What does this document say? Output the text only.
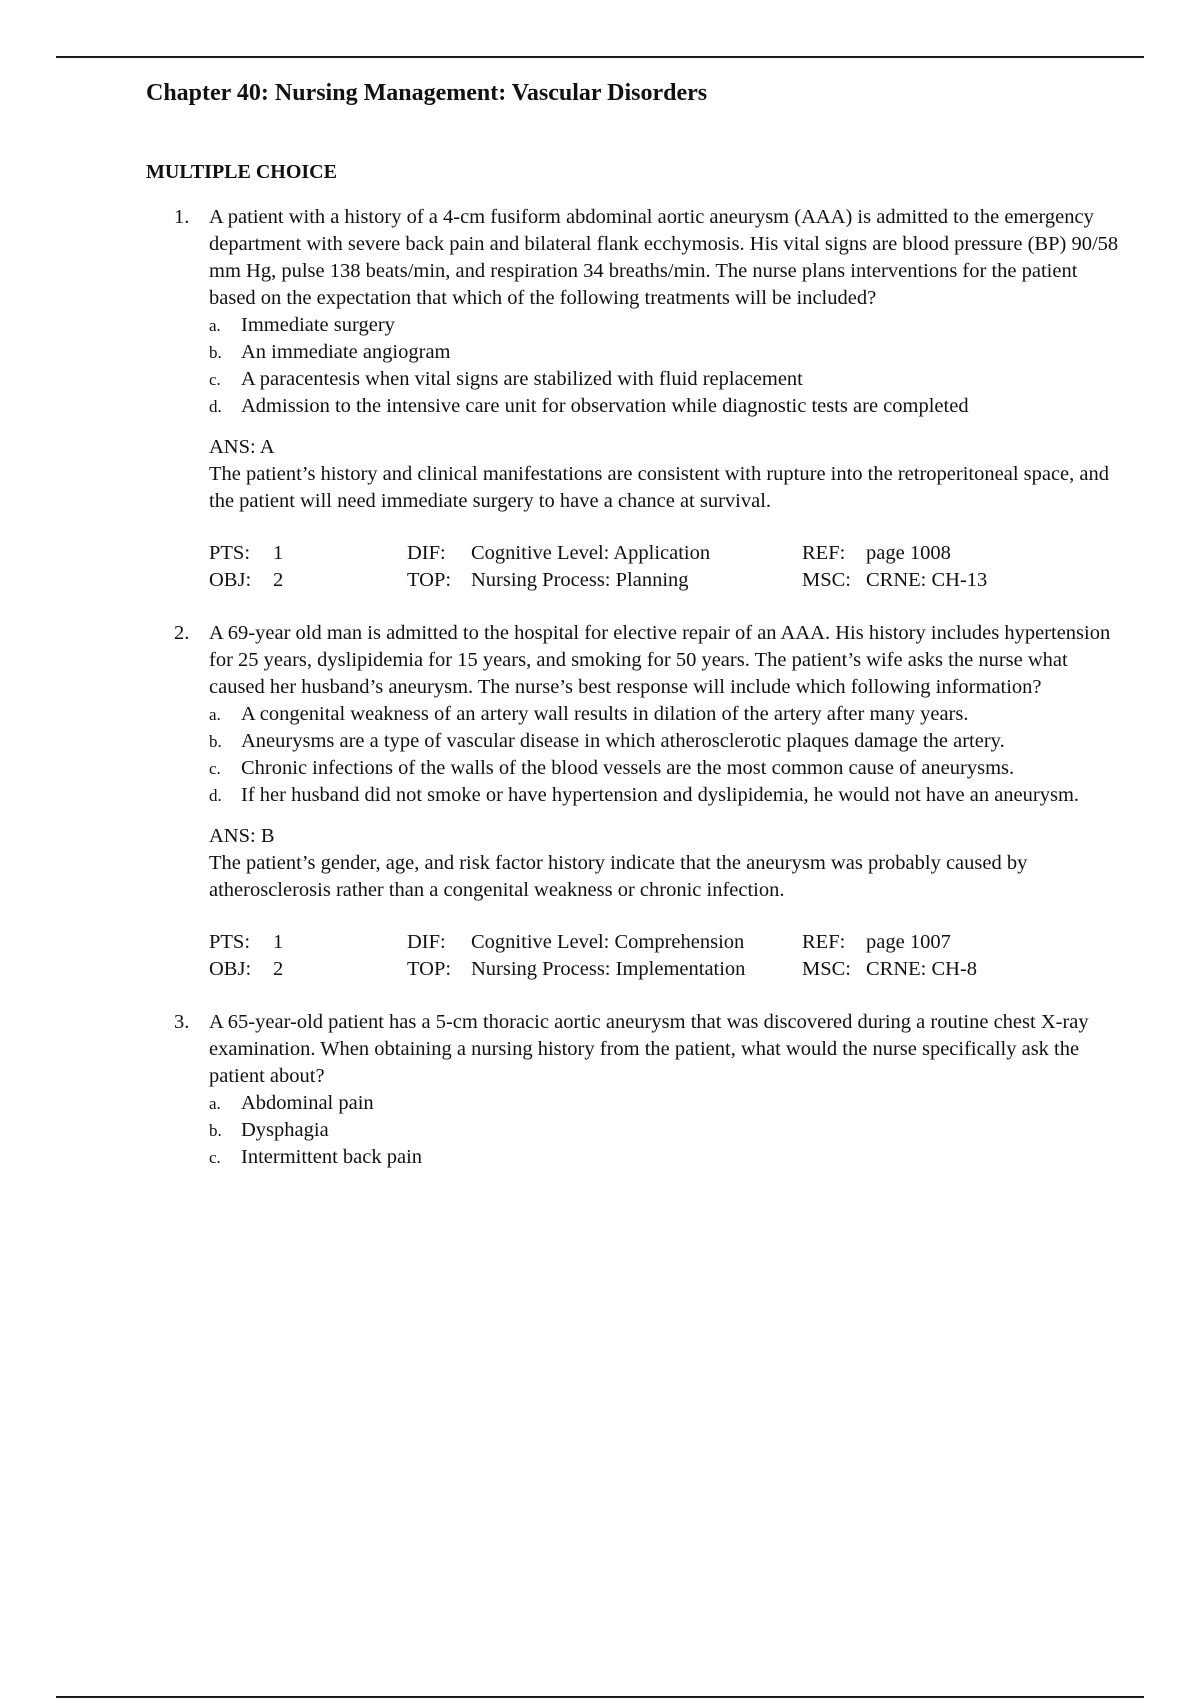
Chapter 40: Nursing Management: Vascular Disorders
MULTIPLE CHOICE
1. A patient with a history of a 4-cm fusiform abdominal aortic aneurysm (AAA) is admitted to the emergency department with severe back pain and bilateral flank ecchymosis. His vital signs are blood pressure (BP) 90/58 mm Hg, pulse 138 beats/min, and respiration 34 breaths/min. The nurse plans interventions for the patient based on the expectation that which of the following treatments will be included?

a. Immediate surgery
b. An immediate angiogram
c. A paracentesis when vital signs are stabilized with fluid replacement
d. Admission to the intensive care unit for observation while diagnostic tests are completed
ANS: A

The patient’s history and clinical manifestations are consistent with rupture into the retroperitoneal space, and the patient will need immediate surgery to have a chance at survival.

PTS:	1	DIF:	Cognitive Level: Application	REF:	page 1008
OBJ:	2	TOP: Nursing Process: Planning	MSC: CRNE: CH-13
2. A 69-year old man is admitted to the hospital for elective repair of an AAA. His history includes hypertension for 25 years, dyslipidemia for 15 years, and smoking for 50 years. The patient’s wife asks the nurse what caused her husband’s aneurysm. The nurse’s best response will include which following information?

a. A congenital weakness of an artery wall results in dilation of the artery after many years.
b. Aneurysms are a type of vascular disease in which atherosclerotic plaques damage the artery.
c. Chronic infections of the walls of the blood vessels are the most common cause of aneurysms.
d. If her husband did not smoke or have hypertension and dyslipidemia, he would not have an aneurysm.
ANS: B

The patient’s gender, age, and risk factor history indicate that the aneurysm was probably caused by atherosclerosis rather than a congenital weakness or chronic infection.

PTS:	1	DIF:	Cognitive Level: Comprehension	REF:	page 1007
OBJ:	2	TOP: Nursing Process: Implementation	MSC: CRNE: CH-8
3. A 65-year-old patient has a 5-cm thoracic aortic aneurysm that was discovered during a routine chest X-ray examination. When obtaining a nursing history from the patient, what would the nurse specifically ask the patient about?

a. Abdominal pain
b. Dysphagia
c. Intermittent back pain
